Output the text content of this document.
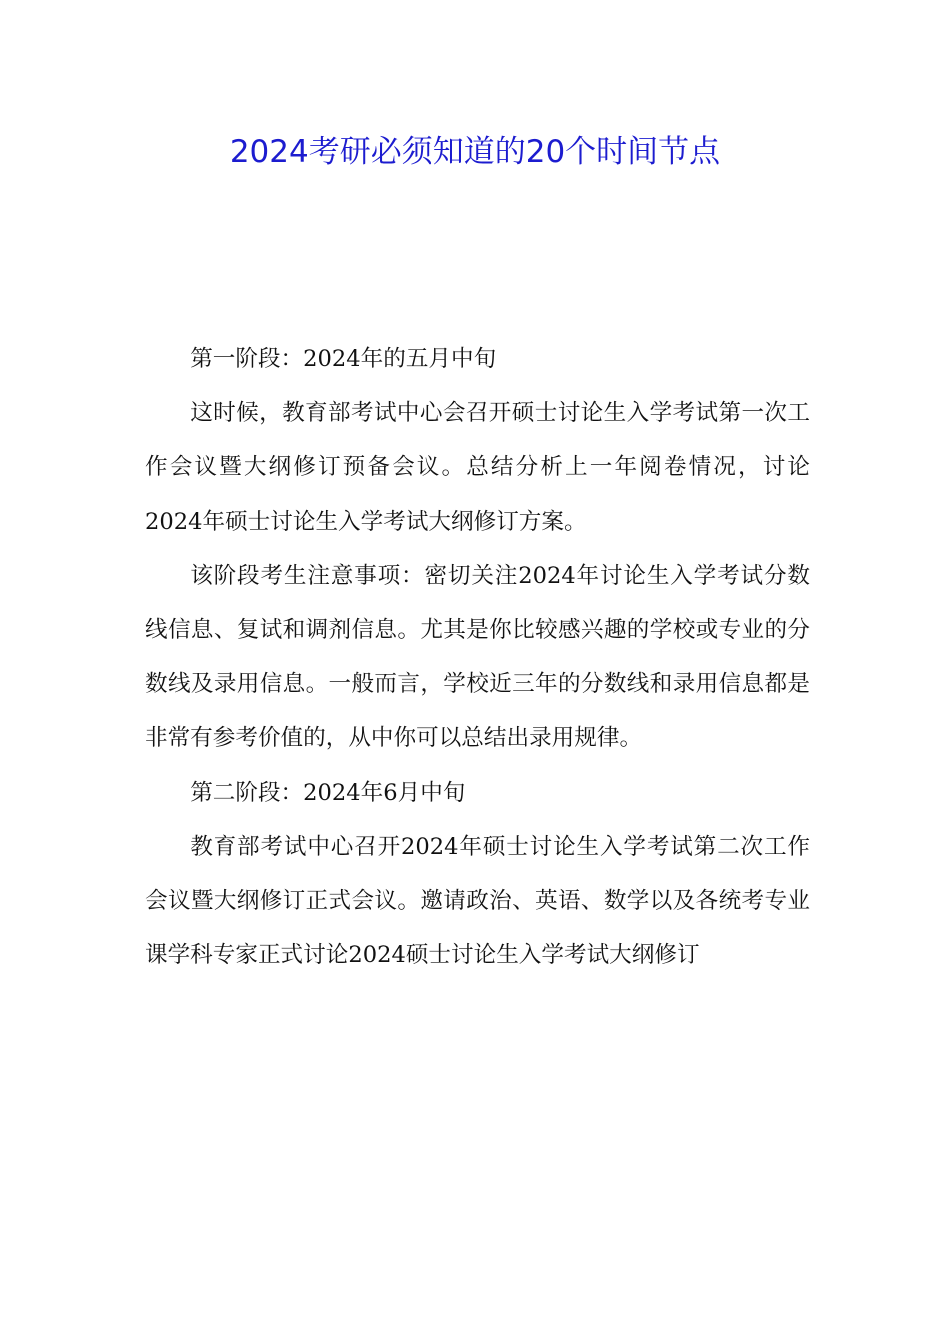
2024考研必须知道的20个时间节点

第一阶段：2024年的五月中旬

这时候，教育部考试中心会召开硕士讨论生入学考试第一次工作会议暨大纲修订预备会议。总结分析上一年阅卷情况，讨论2024年硕士讨论生入学考试大纲修订方案。

该阶段考生注意事项：密切关注2024年讨论生入学考试分数线信息、复试和调剂信息。尤其是你比较感兴趣的学校或专业的分数线及录用信息。一般而言，学校近三年的分数线和录用信息都是非常有参考价值的，从中你可以总结出录用规律。

第二阶段：2024年6月中旬

教育部考试中心召开2024年硕士讨论生入学考试第二次工作会议暨大纲修订正式会议。邀请政治、英语、数学以及各统考专业课学科专家正式讨论2024硕士讨论生入学考试大纲修订
